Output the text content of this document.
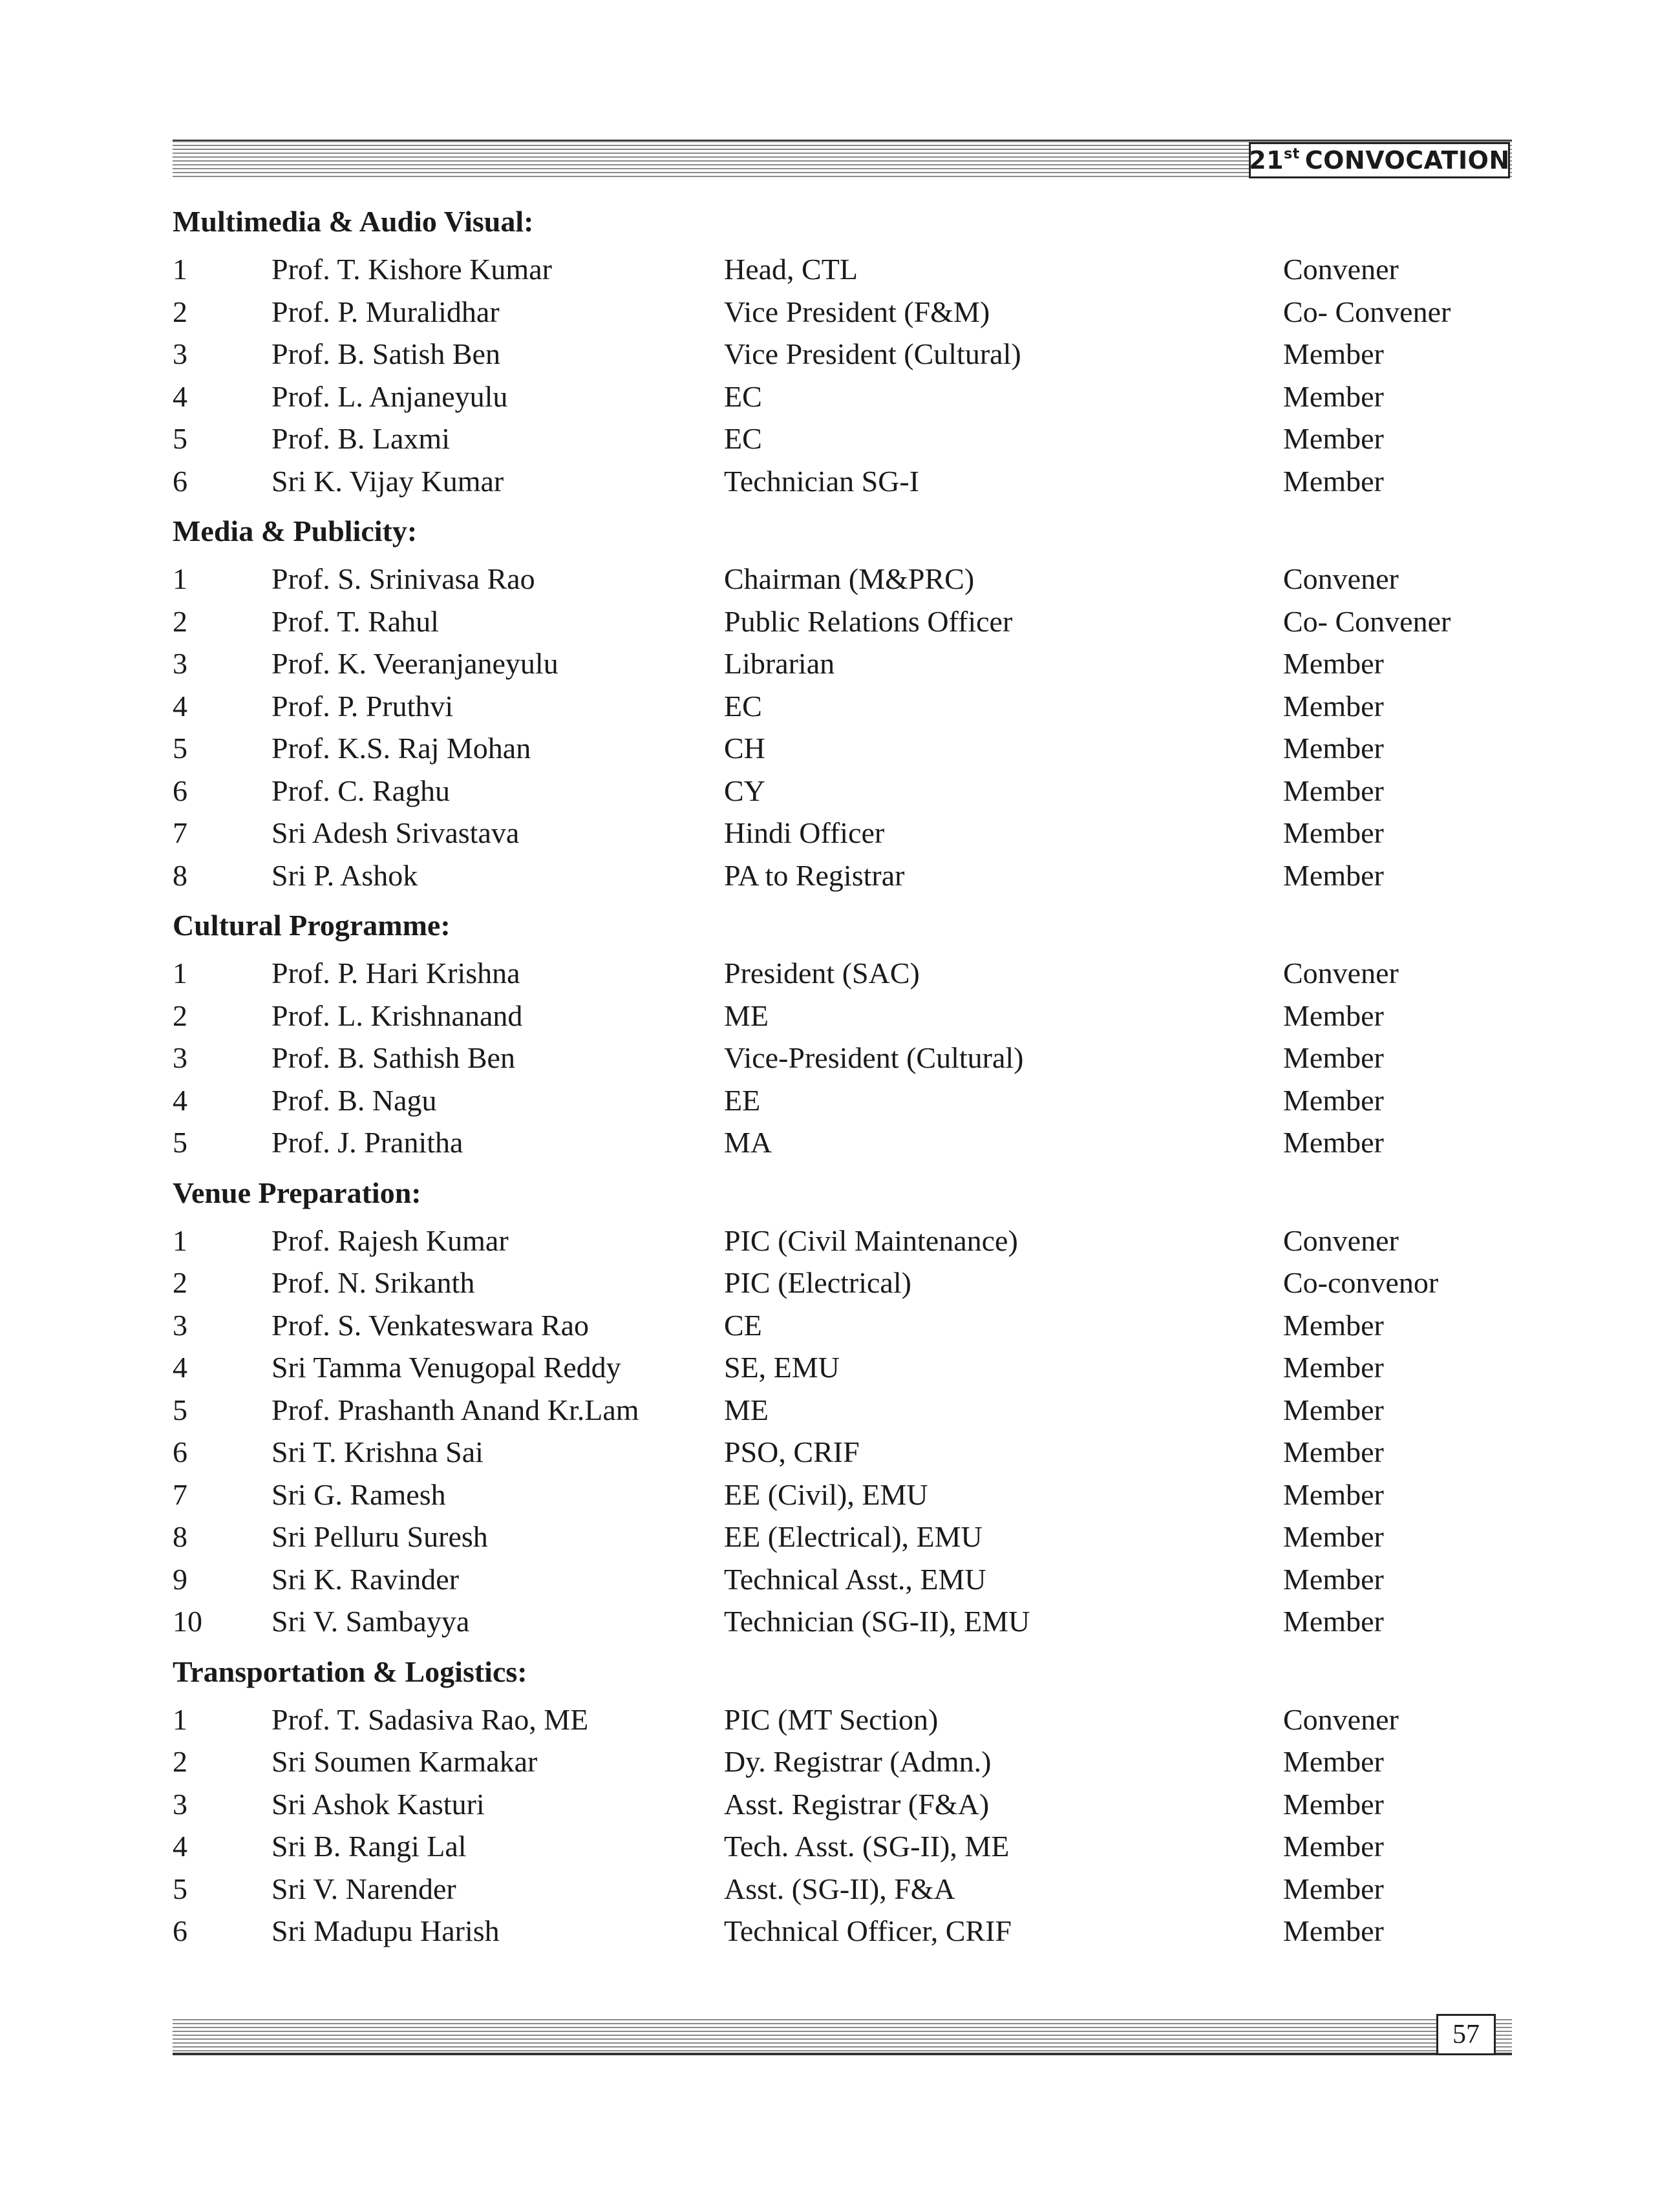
21st CONVOCATION
Multimedia & Audio Visual:
1	Prof. T. Kishore Kumar	Head, CTL	Convener
2	Prof. P. Muralidhar	Vice President (F&M)	Co- Convener
3	Prof. B. Satish Ben	Vice President (Cultural)	Member
4	Prof. L. Anjaneyulu	EC	Member
5	Prof. B. Laxmi	EC	Member
6	Sri K. Vijay Kumar	Technician SG-I	Member
Media & Publicity:
1	Prof. S. Srinivasa Rao	Chairman (M&PRC)	Convener
2	Prof. T. Rahul	Public Relations Officer	Co- Convener
3	Prof. K. Veeranjaneyulu	Librarian	Member
4	Prof. P. Pruthvi	EC	Member
5	Prof. K.S. Raj Mohan	CH	Member
6	Prof. C. Raghu	CY	Member
7	Sri Adesh Srivastava	Hindi Officer	Member
8	Sri P. Ashok	PA to Registrar	Member
Cultural Programme:
1	Prof. P. Hari Krishna	President (SAC)	Convener
2	Prof. L. Krishnanand	ME	Member
3	Prof. B. Sathish Ben	Vice-President (Cultural)	Member
4	Prof. B. Nagu	EE	Member
5	Prof. J. Pranitha	MA	Member
Venue Preparation:
1	Prof. Rajesh Kumar	PIC (Civil Maintenance)	Convener
2	Prof. N. Srikanth	PIC (Electrical)	Co-convenor
3	Prof. S. Venkateswara Rao	CE	Member
4	Sri Tamma Venugopal Reddy	SE, EMU	Member
5	Prof. Prashanth Anand Kr.Lam	ME	Member
6	Sri T. Krishna Sai	PSO, CRIF	Member
7	Sri G. Ramesh	EE (Civil), EMU	Member
8	Sri Pelluru Suresh	EE (Electrical), EMU	Member
9	Sri K. Ravinder	Technical Asst., EMU	Member
10 Sri V. Sambayya	Technician (SG-II), EMU	Member
Transportation & Logistics:
1	Prof. T. Sadasiva Rao, ME	PIC (MT Section)	Convener
2	Sri Soumen Karmakar	Dy. Registrar (Admn.)	Member
3	Sri Ashok Kasturi	Asst. Registrar (F&A)	Member
4	Sri B. Rangi Lal	Tech. Asst. (SG-II), ME	Member
5	Sri V. Narender	Asst. (SG-II), F&A	Member
6	Sri Madupu Harish	Technical Officer, CRIF	Member
57
